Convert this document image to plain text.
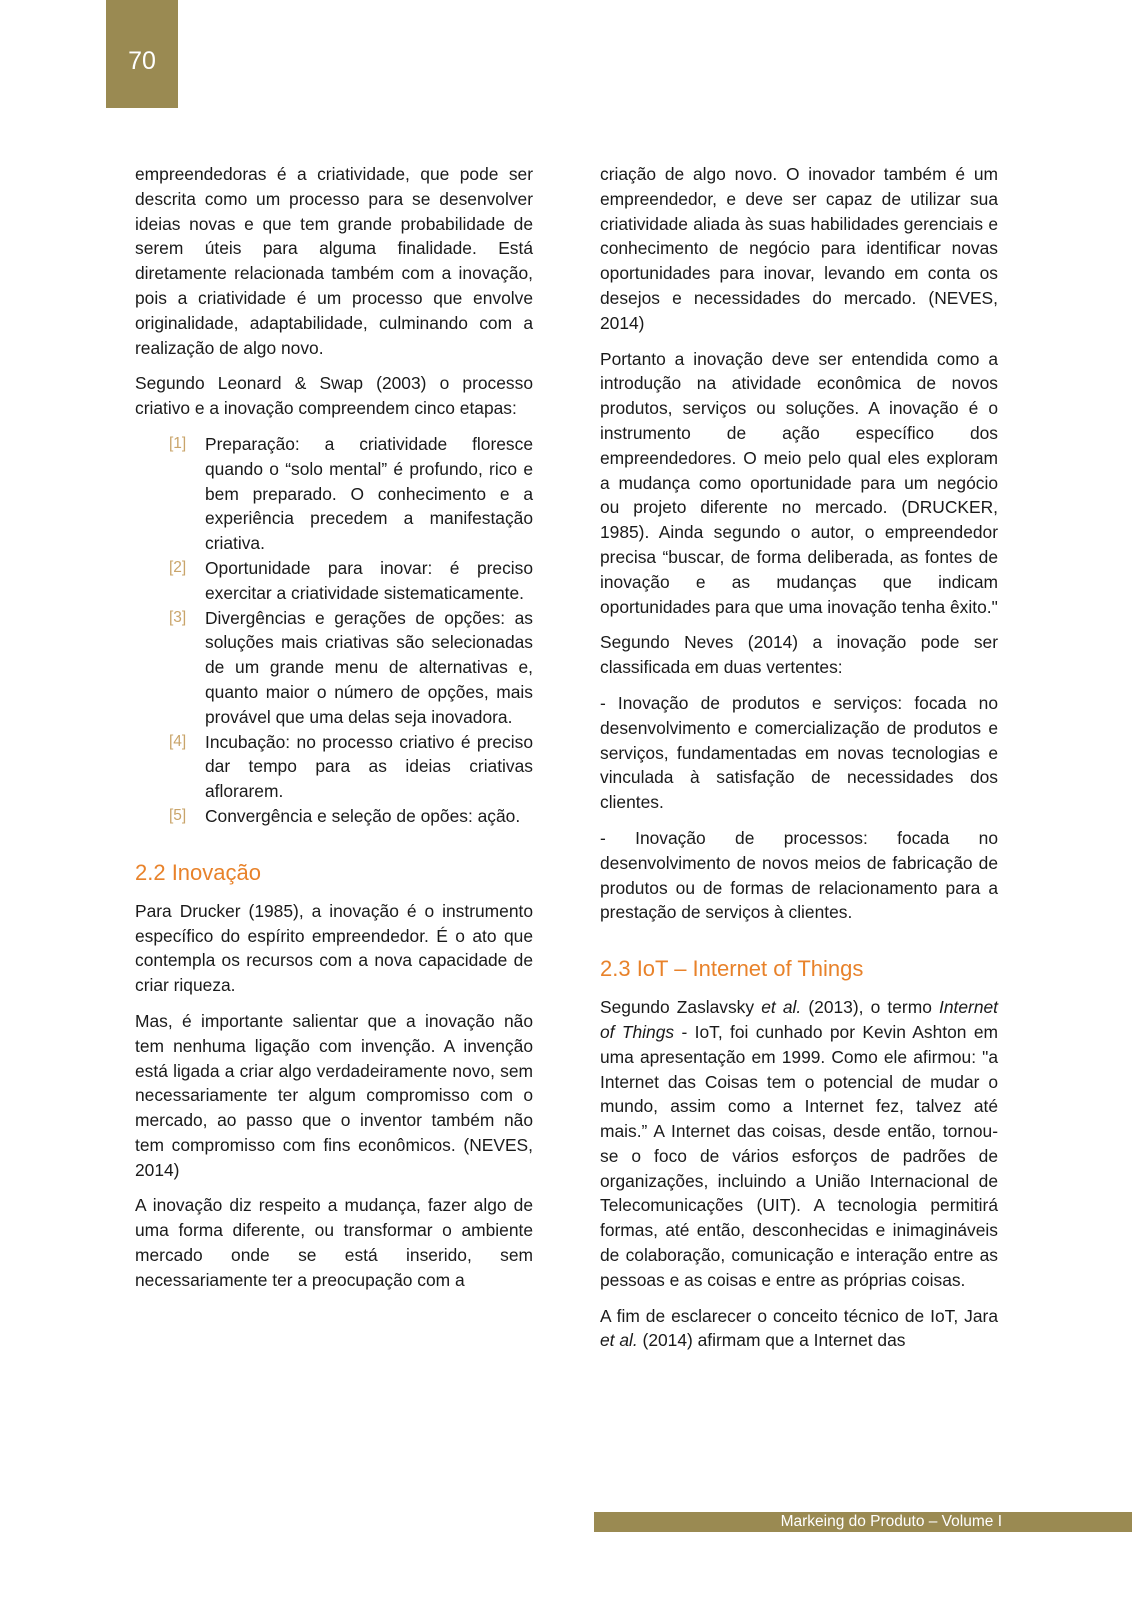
70

empreendedoras é a criatividade, que pode ser descrita como um processo para se desenvolver ideias novas e que tem grande probabilidade de serem úteis para alguma finalidade. Está diretamente relacionada também com a inovação, pois a criatividade é um processo que envolve originalidade, adaptabilidade, culminando com a realização de algo novo.

Segundo Leonard & Swap (2003) o processo criativo e a inovação compreendem cinco etapas:

[1] Preparação: a criatividade floresce quando o “solo mental” é profundo, rico e bem preparado. O conhecimento e a experiência precedem a manifestação criativa.
[2] Oportunidade para inovar: é preciso exercitar a criatividade sistematicamente.
[3] Divergências e gerações de opções: as soluções mais criativas são selecionadas de um grande menu de alternativas e, quanto maior o número de opções, mais provável que uma delas seja inovadora.
[4] Incubação: no processo criativo é preciso dar tempo para as ideias criativas aflorarem.
[5] Convergência e seleção de opões: ação.
2.2 Inovação

Para Drucker (1985), a inovação é o instrumento específico do espírito empreendedor. É o ato que contempla os recursos com a nova capacidade de criar riqueza.

Mas, é importante salientar que a inovação não tem nenhuma ligação com invenção. A invenção está ligada a criar algo verdadeiramente novo, sem necessariamente ter algum compromisso com o mercado, ao passo que o inventor também não tem compromisso com fins econômicos. (NEVES, 2014)

A inovação diz respeito a mudança, fazer algo de uma forma diferente, ou transformar o ambiente mercado onde se está inserido, sem necessariamente ter a preocupação com a

criação de algo novo. O inovador também é um empreendedor, e deve ser capaz de utilizar sua criatividade aliada às suas habilidades gerenciais e conhecimento de negócio para identificar novas oportunidades para inovar, levando em conta os desejos e necessidades do mercado. (NEVES, 2014)

Portanto a inovação deve ser entendida como a introdução na atividade econômica de novos produtos, serviços ou soluções. A inovação é o instrumento de ação específico dos empreendedores. O meio pelo qual eles exploram a mudança como oportunidade para um negócio ou projeto diferente no mercado. (DRUCKER, 1985). Ainda segundo o autor, o empreendedor precisa “buscar, de forma deliberada, as fontes de inovação e as mudanças que indicam oportunidades para que uma inovação tenha êxito."

Segundo Neves (2014) a inovação pode ser classificada em duas vertentes:

- Inovação de produtos e serviços: focada no desenvolvimento e comercialização de produtos e serviços, fundamentadas em novas tecnologias e vinculada à satisfação de necessidades dos clientes.

- Inovação de processos: focada no desenvolvimento de novos meios de fabricação de produtos ou de formas de relacionamento para a prestação de serviços à clientes.

2.3 IoT – Internet of Things

Segundo Zaslavsky et al. (2013), o termo Internet of Things - IoT, foi cunhado por Kevin Ashton em uma apresentação em 1999. Como ele afirmou: "a Internet das Coisas tem o potencial de mudar o mundo, assim como a Internet fez, talvez até mais.” A Internet das coisas, desde então, tornou-se o foco de vários esforços de padrões de organizações, incluindo a União Internacional de Telecomunicações (UIT). A tecnologia permitirá formas, até então, desconhecidas e inimagináveis de colaboração, comunicação e interação entre as pessoas e as coisas e entre as próprias coisas.

A fim de esclarecer o conceito técnico de IoT, Jara et al. (2014) afirmam que a Internet das

Markeing do Produto – Volume I
